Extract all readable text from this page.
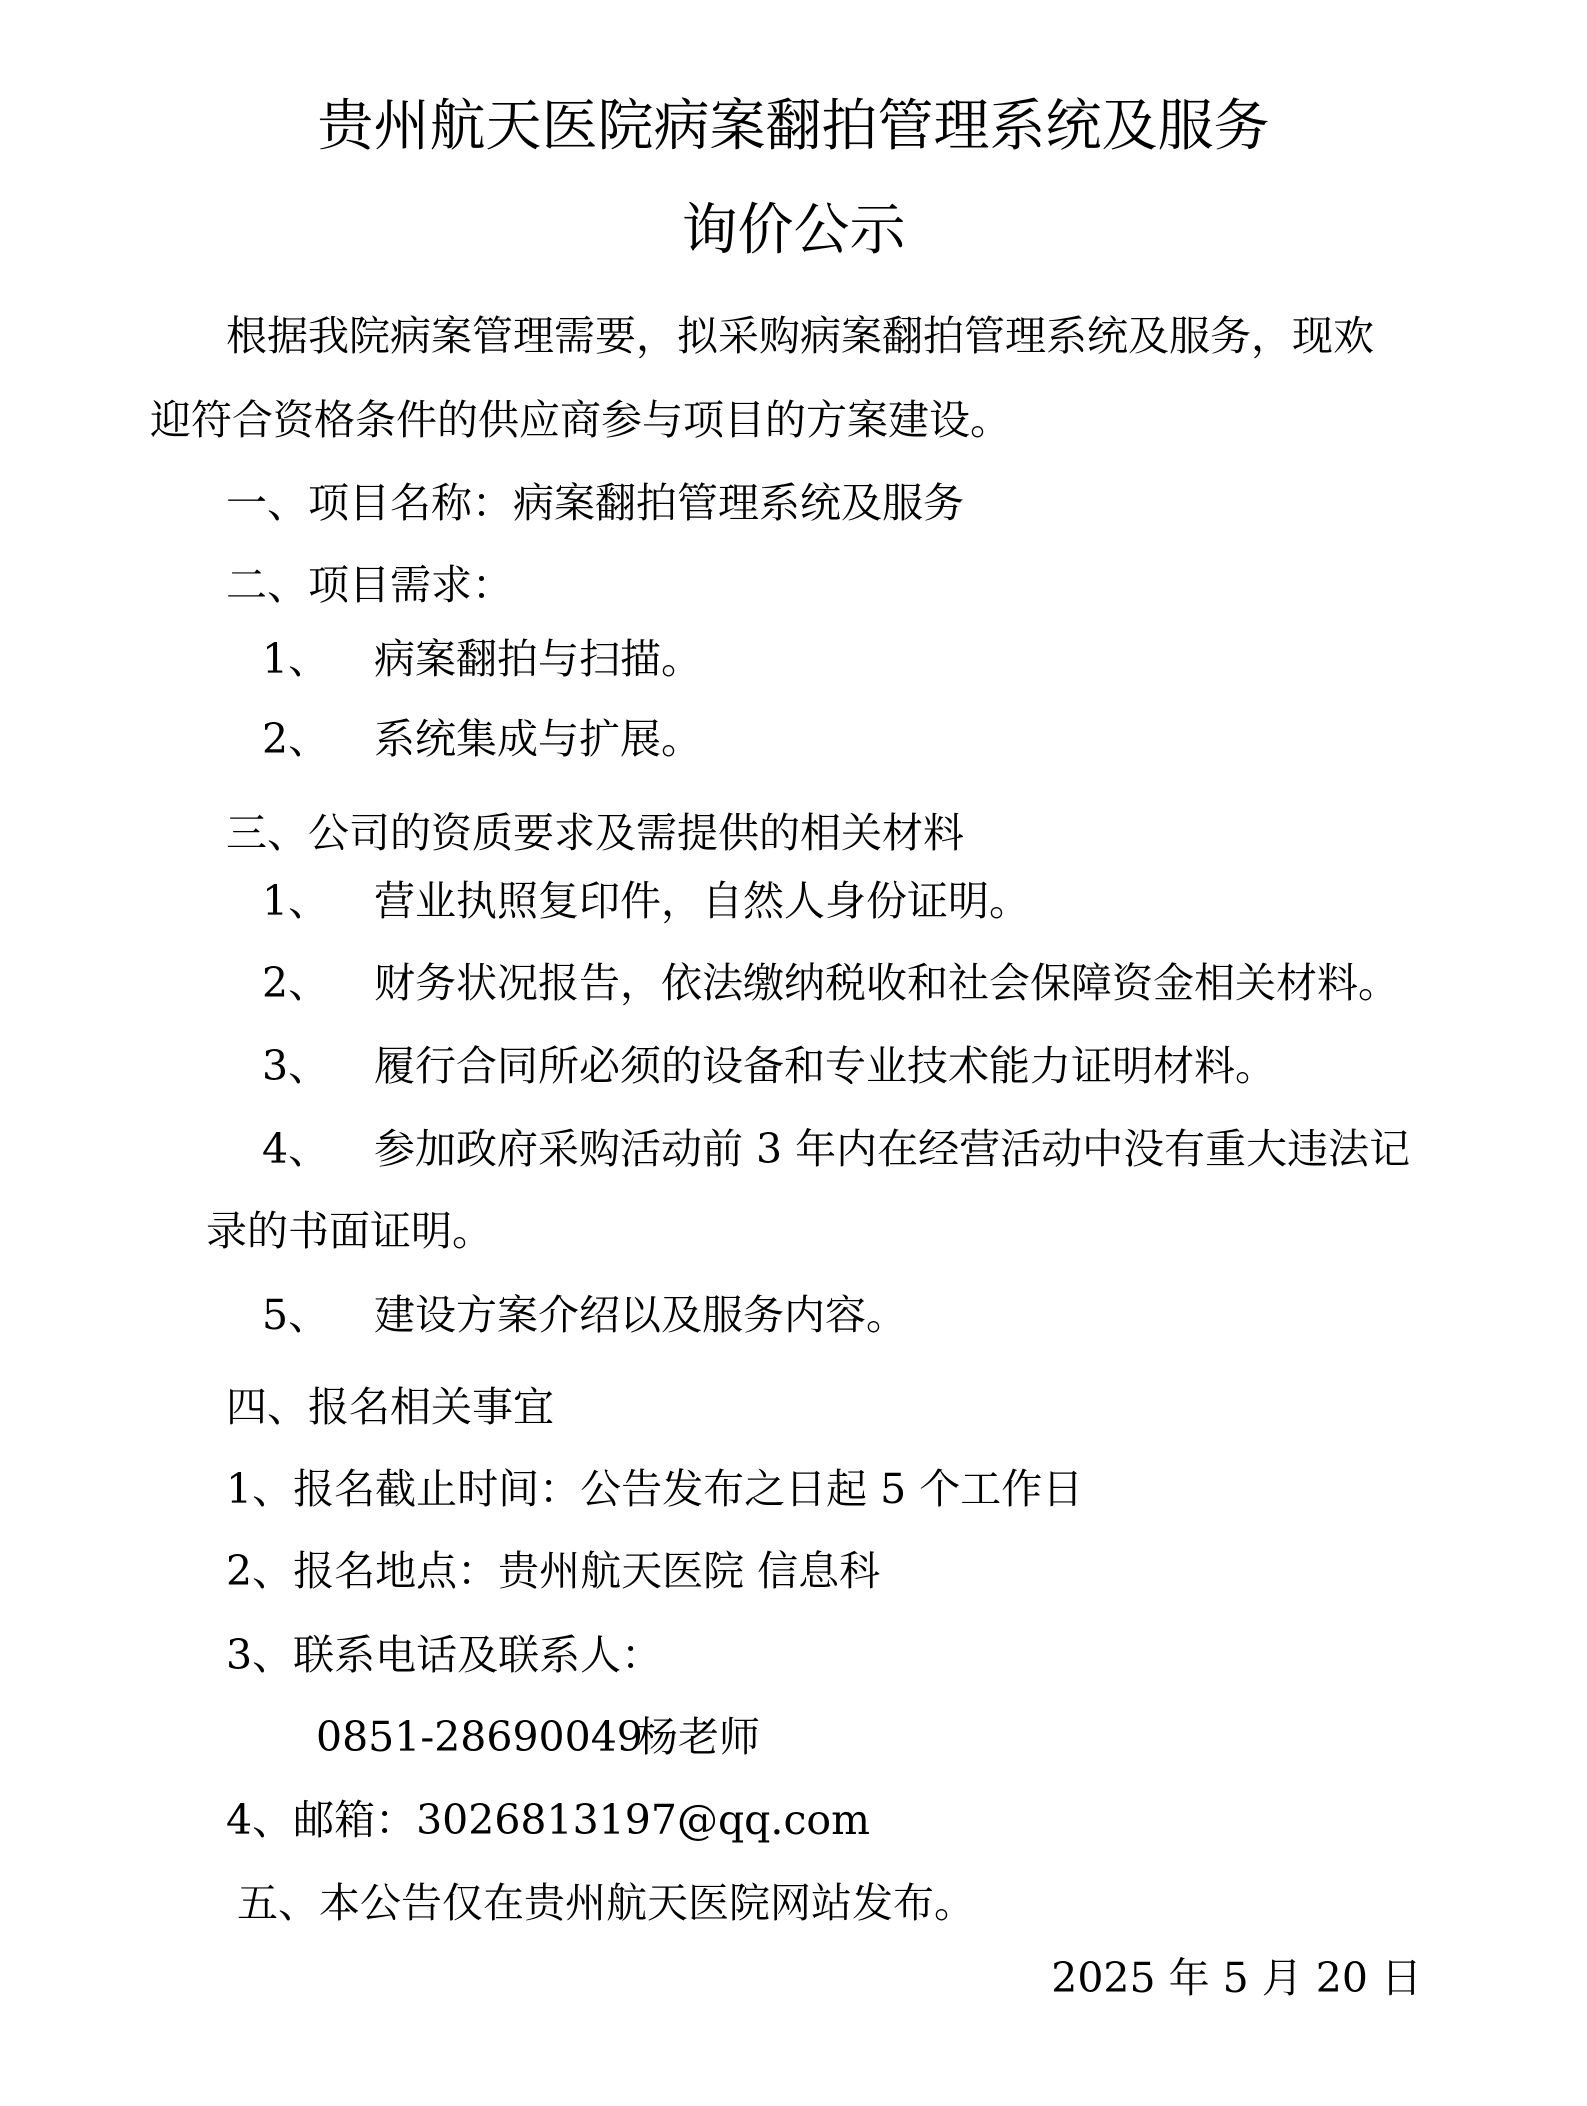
贵州航天医院病案翻拍管理系统及服务
询价公示
根据我院病案管理需要，拟采购病案翻拍管理系统及服务，现欢
迎符合资格条件的供应商参与项目的方案建设。
一、项目名称：病案翻拍管理系统及服务
二、项目需求：
1、 病案翻拍与扫描。
2、 系统集成与扩展。
三、公司的资质要求及需提供的相关材料
1、 营业执照复印件，自然人身份证明。
2、 财务状况报告，依法缴纳税收和社会保障资金相关材料。
3、 履行合同所必须的设备和专业技术能力证明材料。
4、 参加政府采购活动前 3 年内在经营活动中没有重大违法记
录的书面证明。
5、 建设方案介绍以及服务内容。
四、报名相关事宜
1、报名截止时间：公告发布之日起 5 个工作日
2、报名地点：贵州航天医院 信息科
3、联系电话及联系人：
0851-28690049
杨老师
4、邮箱：3026813197@qq.com
五、本公告仅在贵州航天医院网站发布。
2025 年 5 月 20 日
